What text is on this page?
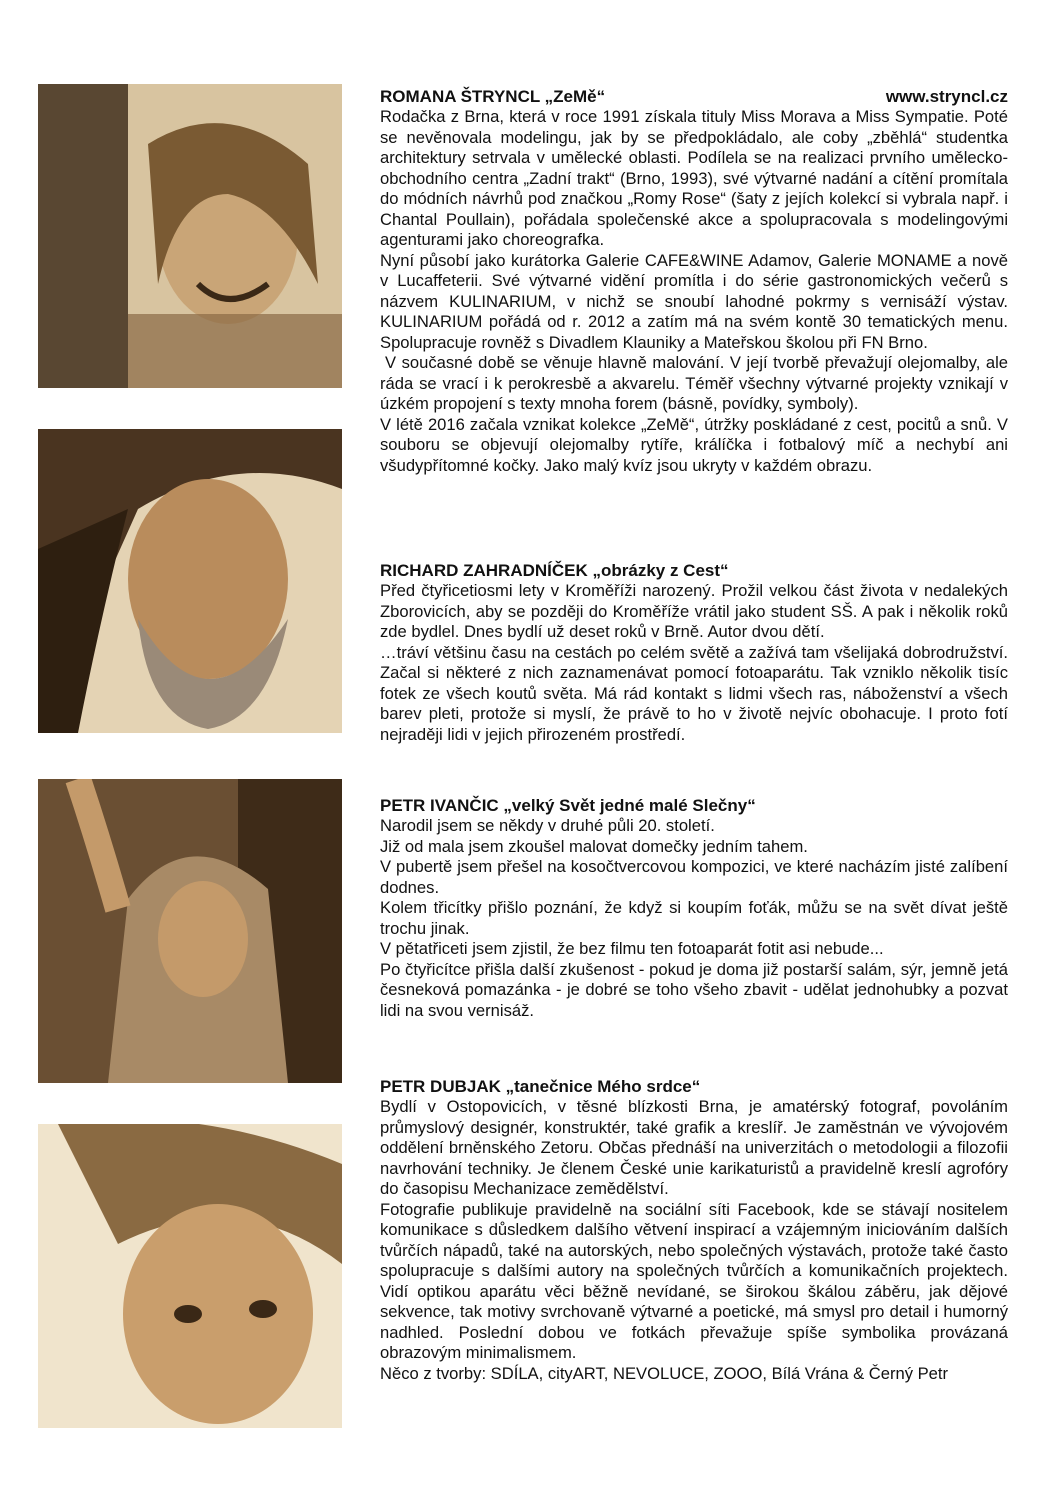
ROMANA ŠTRYNCL „ZeMě“	www.stryncl.cz

Rodačka z Brna, která v roce 1991 získala tituly Miss Morava a Miss Sympatie. Poté se nevěnovala modelingu, jak by se předpokládalo, ale coby „zběhlá“ studentka architektury setrvala v umělecké oblasti. Podílela se na realizaci prvního umělecko-obchodního centra „Zadní trakt“ (Brno, 1993), své výtvarné nadání a cítění promítala do módních návrhů pod značkou „Romy Rose“ (šaty z jejích kolekcí si vybrala např. i Chantal Poullain), pořádala společenské akce a spolupracovala s modelingovými agenturami jako choreografka.

Nyní působí jako kurátorka Galerie CAFE&WINE Adamov, Galerie MONAME a nově v Lucaffeterii. Své výtvarné vidění promítla i do série gastronomických večerů s názvem KULINARIUM, v nichž se snoubí lahodné pokrmy s vernisáží výstav. KULINARIUM pořádá od r. 2012 a zatím má na svém kontě 30 tematických menu. Spolupracuje rovněž s Divadlem Klauniky a Mateřskou školou při FN Brno.

V současné době se věnuje hlavně malování. V její tvorbě převažují olejomalby, ale ráda se vrací i k perokresbě a akvarelu. Téměř všechny výtvarné projekty vznikají v úzkém propojení s texty mnoha forem (básně, povídky, symboly).

V létě 2016 začala vznikat kolekce „ZeMě“, útržky poskládané z cest, pocitů a snů. V souboru se objevují olejomalby rytíře, králíčka i fotbalový míč a nechybí ani všudypřítomné kočky. Jako malý kvíz jsou ukryty v každém obrazu.

RICHARD ZAHRADNÍČEK „obrázky z Cest“

Před čtyřicetiosmi lety v Kroměříži narozený. Prožil velkou část života v nedalekých Zborovicích, aby se později do Kroměříže vrátil jako student SŠ. A pak i několik roků zde bydlel. Dnes bydlí už deset roků v Brně. Autor dvou dětí.

…tráví většinu času na cestách po celém světě a zažívá tam všelijaká dobrodružství. Začal si některé z nich zaznamenávat pomocí fotoaparátu. Tak vzniklo několik tisíc fotek ze všech koutů světa. Má rád kontakt s lidmi všech ras, náboženství a všech barev pleti, protože si myslí, že právě to ho v životě nejvíc obohacuje. I proto fotí nejraději lidi v jejich přirozeném prostředí.

PETR IVANČIC „velký Svět jedné malé Slečny“

Narodil jsem se někdy v druhé půli 20. století.

Již od mala jsem zkoušel malovat domečky jedním tahem.

V pubertě jsem přešel na kosočtvercovou kompozici, ve které nacházím jisté zalíbení dodnes.

Kolem třicítky přišlo poznání, že když si koupím foťák, můžu se na svět dívat ještě trochu jinak.

V pětatřiceti jsem zjistil, že bez filmu ten fotoaparát fotit asi nebude...

Po čtyřicítce přišla další zkušenost - pokud je doma již postarší salám, sýr, jemně jetá česneková pomazánka - je dobré se toho všeho zbavit - udělat jednohubky a pozvat lidi na svou vernisáž.

PETR DUBJAK „tanečnice Mého srdce“

Bydlí v Ostopovicích, v těsné blízkosti Brna, je amatérský fotograf, povoláním průmyslový designér, konstruktér, také grafik a kreslíř. Je zaměstnán ve vývojovém oddělení brněnského Zetoru. Občas přednáší na univerzitách o metodologii a filozofii navrhování techniky. Je členem České unie karikaturistů a pravidelně kreslí agrofóry do časopisu Mechanizace zemědělství.

Fotografie publikuje pravidelně na sociální síti Facebook, kde se stávají nositelem komunikace s důsledkem dalšího větvení inspirací a vzájemným iniciováním dalších tvůrčích nápadů, také na autorských, nebo společných výstavách, protože také často spolupracuje s dalšími autory na společných tvůrčích a komunikačních projektech. Vidí optikou aparátu věci běžně nevídané, se širokou škálou záběru, jak dějové sekvence, tak motivy svrchovaně výtvarné a poetické, má smysl pro detail i humorný nadhled. Poslední dobou ve fotkách převažuje spíše symbolika provázaná obrazovým minimalismem.

Něco z tvorby: SDÍLA, cityART, NEVOLUCE, ZOOO, Bílá Vrána & Černý Petr
